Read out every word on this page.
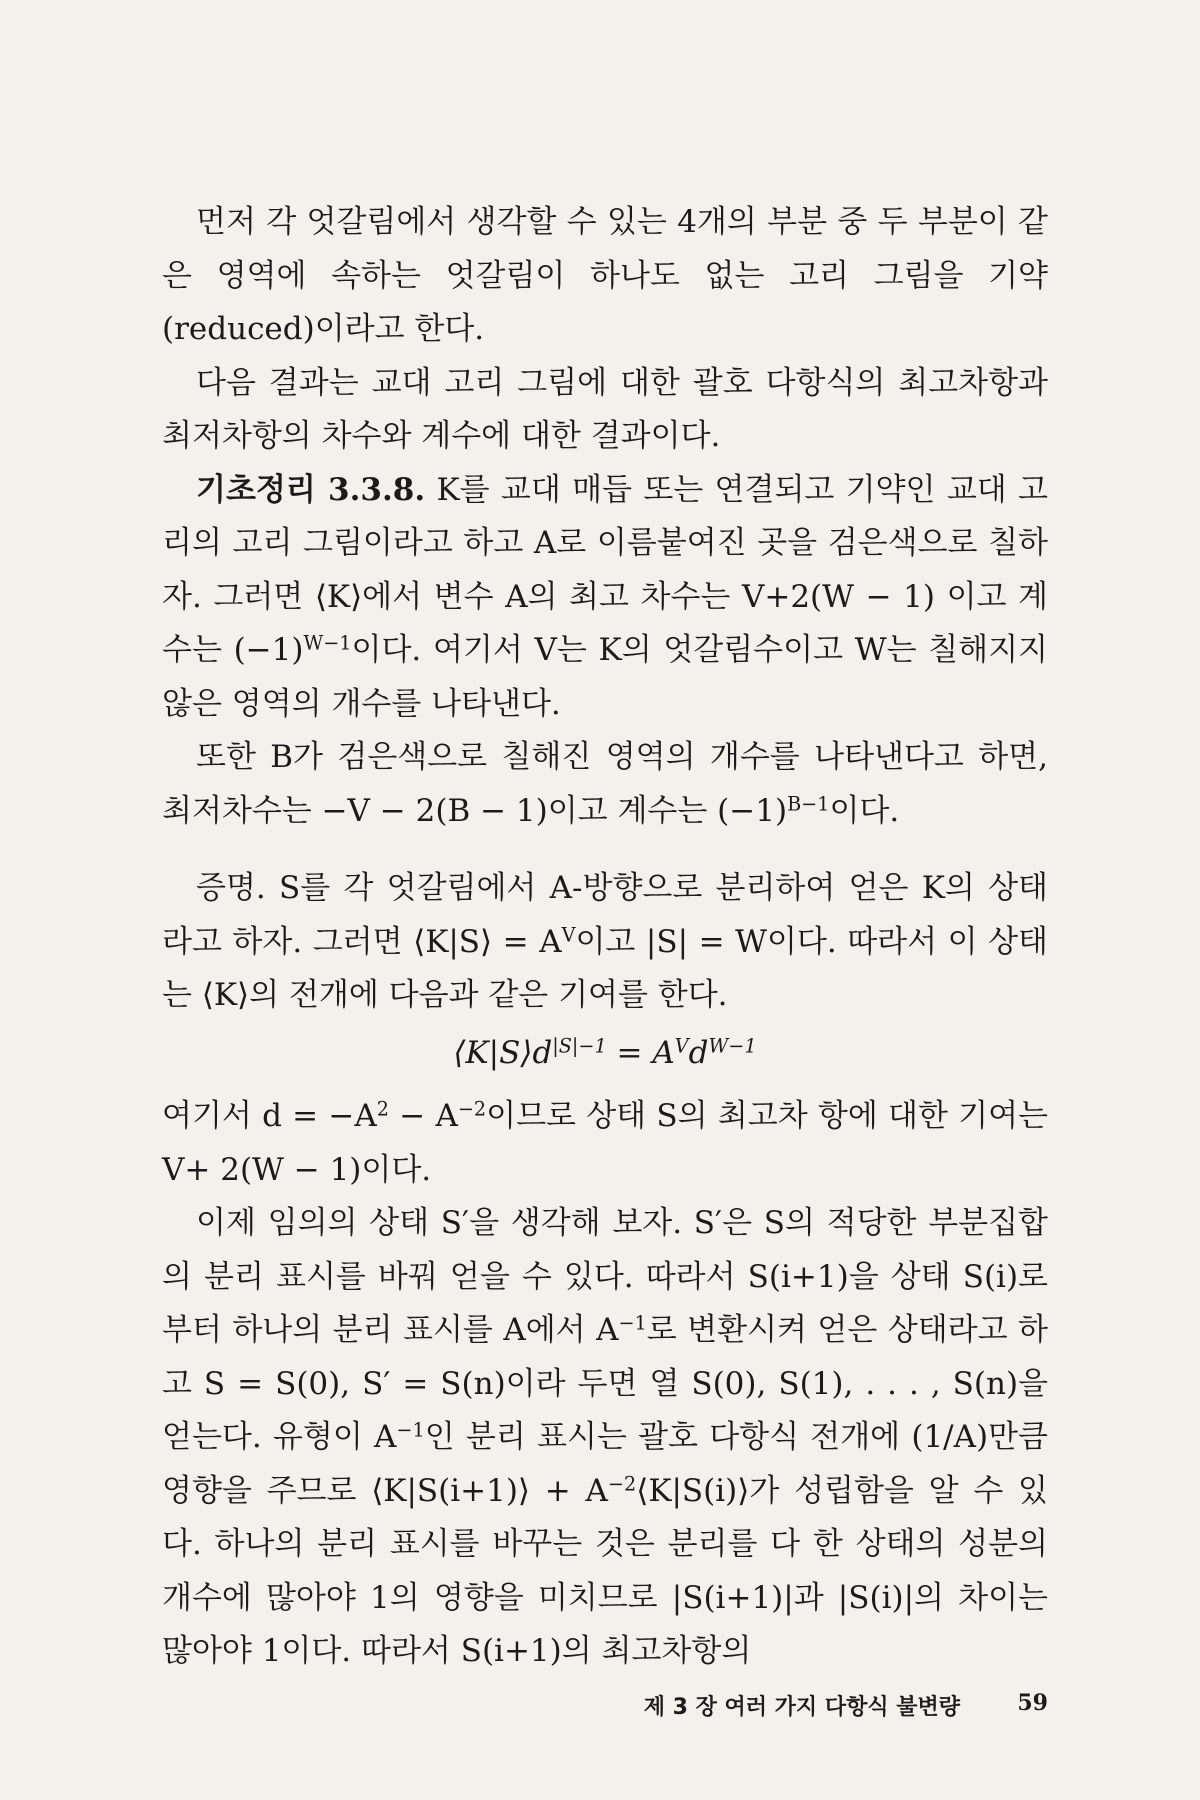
먼저 각 엇갈림에서 생각할 수 있는 4개의 부분 중 두 부분이 같은 영역에 속하는 엇갈림이 하나도 없는 고리 그림을 기약(reduced)이라고 한다.

다음 결과는 교대 고리 그림에 대한 괄호 다항식의 최고차항과 최저차항의 차수와 계수에 대한 결과이다.

기초정리 3.3.8. K를 교대 매듭 또는 연결되고 기약인 교대 고리의 고리 그림이라고 하고 A로 이름붙여진 곳을 검은색으로 칠하자. 그러면 ⟨K⟩에서 변수 A의 최고 차수는 V+2(W − 1) 이고 계수는 $(-1)^{W-1}$이다. 여기서 V는 K의 엇갈림수이고 W는 칠해지지 않은 영역의 개수를 나타낸다.

또한 B가 검은색으로 칠해진 영역의 개수를 나타낸다고 하면, 최저차수는 −V − 2(B − 1)이고 계수는 $(-1)^{B-1}$이다.

증명. S를 각 엇갈림에서 A-방향으로 분리하여 얻은 K의 상태라고 하자. 그러면 ⟨K|S⟩ = $A^V$이고 |S| = W이다. 따라서 이 상태는 ⟨K⟩의 전개에 다음과 같은 기여를 한다.

$⟨K|S⟩d^{|S|-1} = A^Vd^{W-1}$

여기서 $d = -A^2 - A^{-2}$이므로 상태 S의 최고차 항에 대한 기여는 V+ 2(W − 1)이다.

이제 임의의 상태 S′을 생각해 보자. S′은 S의 적당한 부분집합의 분리 표시를 바꿔 얻을 수 있다. 따라서 S(i+1)을 상태 S(i)로 부터 하나의 분리 표시를 A에서 $A^{-1}$로 변환시켜 얻은 상태라고 하고 S = S(0), S′ = S(n)이라 두면 열 S(0), S(1), . . . , S(n)을 얻는다. 유형이 $A^{-1}$인 분리 표시는 괄호 다항식 전개에 (1/A)만큼 영향을 주므로 ⟨K|S(i+1)⟩ + $A^{-2}⟨K|S(i)⟩$가 성립함을 알 수 있다. 하나의 분리 표시를 바꾸는 것은 분리를 다 한 상태의 성분의 개수에 많아야 1의 영향을 미치므로 |S(i+1)|과 |S(i)|의 차이는 많아야 1이다. 따라서 S(i+1)의 최고차항의

제 3 장 여러 가지 다항식 불변량	59
